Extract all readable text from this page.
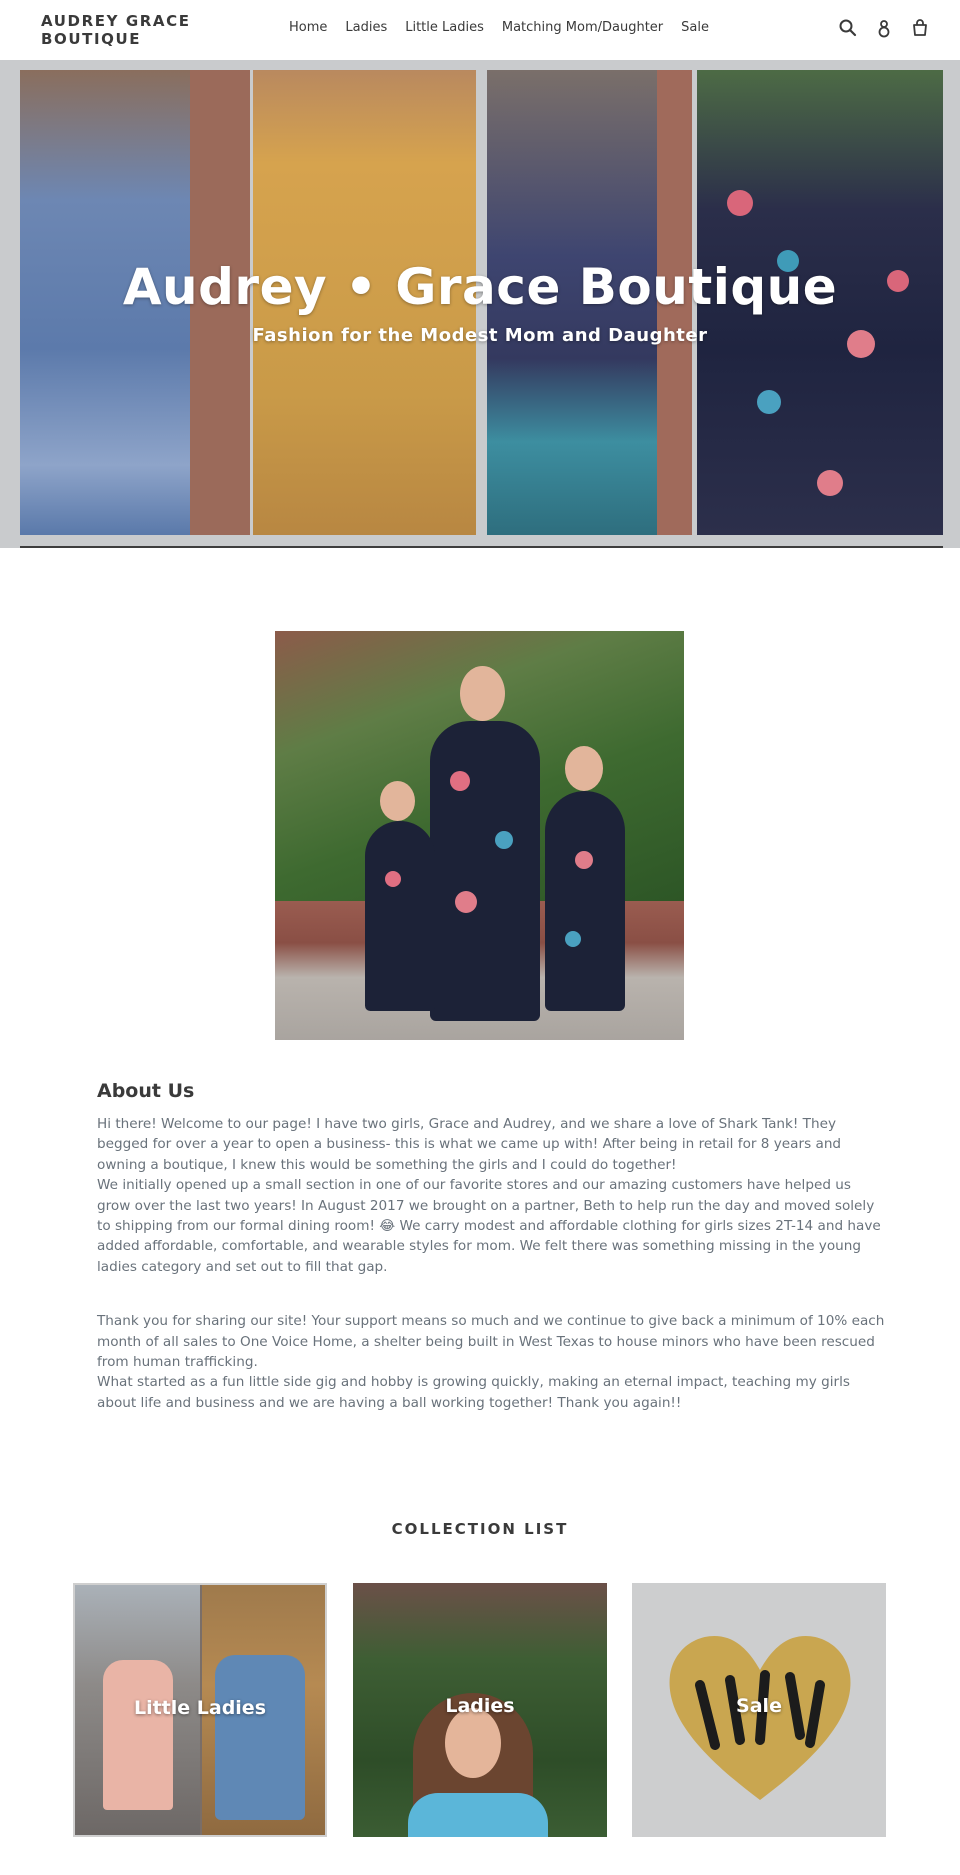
AUDREY GRACE BOUTIQUE
Home Ladies Little Ladies Matching Mom/Daughter Sale
Audrey • Grace Boutique
Fashion for the Modest Mom and Daughter
About Us

Hi there! Welcome to our page! I have two girls, Grace and Audrey, and we share a love of Shark Tank! They begged for over a year to open a business- this is what we came up with! After being in retail for 8 years and owning a boutique, I knew this would be something the girls and I could do together!

We initially opened up a small section in one of our favorite stores and our amazing customers have helped us grow over the last two years! In August 2017 we brought on a partner, Beth to help run the day and moved solely to shipping from our formal dining room! 😂 We carry modest and affordable clothing for girls sizes 2T-14 and have added affordable, comfortable, and wearable styles for mom. We felt there was something missing in the young ladies category and set out to fill that gap.

Thank you for sharing our site! Your support means so much and we continue to give back a minimum of 10% each month of all sales to One Voice Home, a shelter being built in West Texas to house minors who have been rescued from human trafficking.

What started as a fun little side gig and hobby is growing quickly, making an eternal impact, teaching my girls about life and business and we are having a ball working together! Thank you again!!

COLLECTION LIST
Little Ladies	Ladies	Sale
